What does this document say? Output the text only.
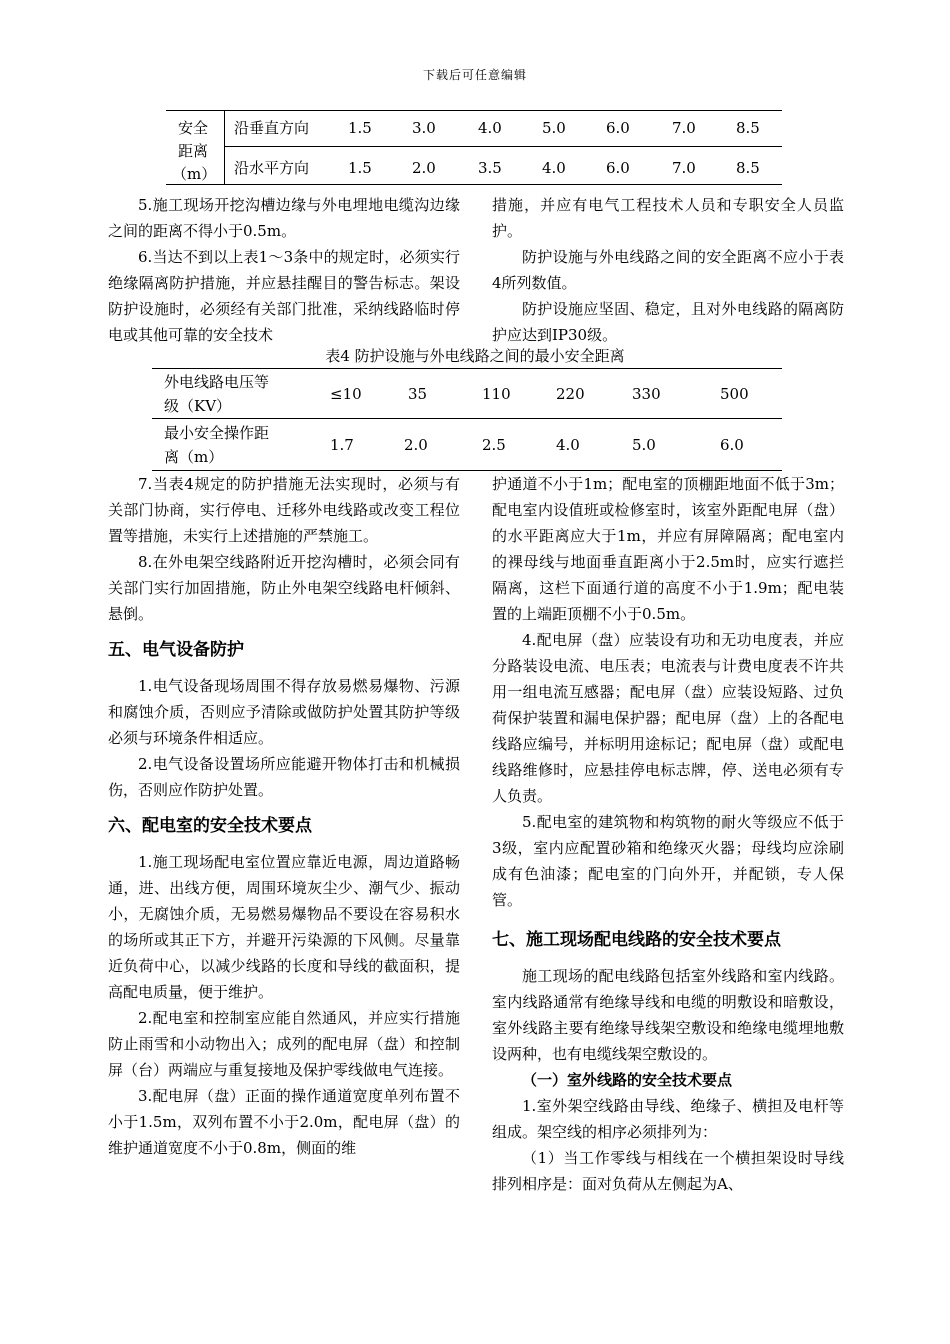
下载后可任意编辑
安全
距离
（m）
沿垂直方向	1.5	3.0	4.0	5.0	6.0	7.0	8.5
沿水平方向	1.5	2.0	3.5	4.0	6.0	7.0	8.5

5.施工现场开挖沟槽边缘与外电埋地电缆沟边缘之间的距离不得小于0.5m。

6.当达不到以上表1～3条中的规定时，必须实行绝缘隔离防护措施，并应悬挂醒目的警告标志。架设防护设施时，必须经有关部门批准，采纳线路临时停电或其他可靠的安全技术

措施，并应有电气工程技术人员和专职安全人员监护。

防护设施与外电线路之间的安全距离不应小于表4所列数值。

防护设施应坚固、稳定，且对外电线路的隔离防护应达到IP30级。

表4 防护设施与外电线路之间的最小安全距离
外电线路电压等
级（KV）
≤10	35	110	220	330	500
最小安全操作距
离（m）
1.7	2.0	2.5	4.0	5.0	6.0

7.当表4规定的防护措施无法实现时，必须与有关部门协商，实行停电、迁移外电线路或改变工程位置等措施，未实行上述措施的严禁施工。

8.在外电架空线路附近开挖沟槽时，必须会同有关部门实行加固措施，防止外电架空线路电杆倾斜、悬倒。

五、电气设备防护

1.电气设备现场周围不得存放易燃易爆物、污源和腐蚀介质，否则应予清除或做防护处置其防护等级必须与环境条件相适应。

2.电气设备设置场所应能避开物体打击和机械损伤，否则应作防护处置。

六、配电室的安全技术要点

1.施工现场配电室位置应靠近电源，周边道路畅通，进、出线方便，周围环境灰尘少、潮气少、振动小，无腐蚀介质，无易燃易爆物品不要设在容易积水的场所或其正下方，并避开污染源的下风侧。尽量靠近负荷中心，以减少线路的长度和导线的截面积，提高配电质量，便于维护。

2.配电室和控制室应能自然通风，并应实行措施防止雨雪和小动物出入；成列的配电屏（盘）和控制屏（台）两端应与重复接地及保护零线做电气连接。

3.配电屏（盘）正面的操作通道宽度单列布置不小于1.5m，双列布置不小于2.0m，配电屏（盘）的维护通道宽度不小于0.8m，侧面的维

护通道不小于1m；配电室的顶棚距地面不低于3m；配电室内设值班或检修室时，该室外距配电屏（盘）的水平距离应大于1m，并应有屏障隔离；配电室内的裸母线与地面垂直距离小于2.5m时，应实行遮拦隔离，这栏下面通行道的高度不小于1.9m；配电装置的上端距顶棚不小于0.5m。

4.配电屏（盘）应装设有功和无功电度表，并应分路装设电流、电压表；电流表与计费电度表不许共用一组电流互感器；配电屏（盘）应装设短路、过负荷保护装置和漏电保护器；配电屏（盘）上的各配电线路应编号，并标明用途标记；配电屏（盘）或配电线路维修时，应悬挂停电标志牌，停、送电必须有专人负责。

5.配电室的建筑物和构筑物的耐火等级应不低于3级，室内应配置砂箱和绝缘灭火器；母线均应涂刷成有色油漆；配电室的门向外开，并配锁，专人保管。

七、施工现场配电线路的安全技术要点

施工现场的配电线路包括室外线路和室内线路。室内线路通常有绝缘导线和电缆的明敷设和暗敷设，室外线路主要有绝缘导线架空敷设和绝缘电缆埋地敷设两种，也有电缆线架空敷设的。

（一）室外线路的安全技术要点

1.室外架空线路由导线、绝缘子、横担及电杆等组成。架空线的相序必须排列为：

（1）当工作零线与相线在一个横担架设时导线排列相序是：面对负荷从左侧起为A、
